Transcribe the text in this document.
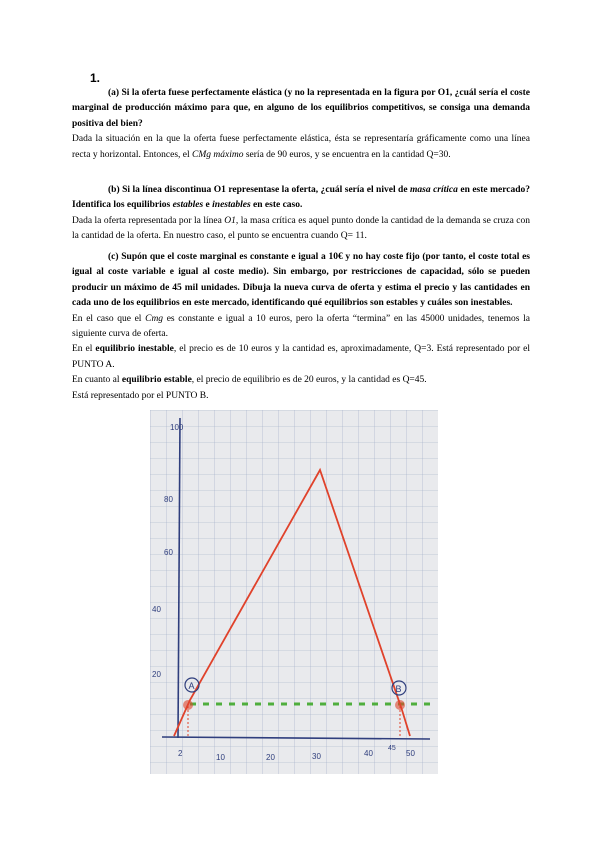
1.

(a) Si la oferta fuese perfectamente elástica (y no la representada en la figura por O1, ¿cuál sería el coste marginal de producción máximo para que, en alguno de los equilibrios competitivos, se consiga una demanda positiva del bien?

Dada la situación en la que la oferta fuese perfectamente elástica, ésta se representaría gráficamente como una línea recta y horizontal. Entonces, el CMg máximo sería de 90 euros, y se encuentra en la cantidad Q=30.

(b) Si la línea discontinua O1 representase la oferta, ¿cuál sería el nivel de masa crítica en este mercado? Identifica los equilibrios estables e inestables en este caso.

Dada la oferta representada por la línea O1, la masa crítica es aquel punto donde la cantidad de la demanda se cruza con la cantidad de la oferta. En nuestro caso, el punto se encuentra cuando Q= 11.

(c) Supón que el coste marginal es constante e igual a 10€ y no hay coste fijo (por tanto, el coste total es igual al coste variable e igual al coste medio). Sin embargo, por restricciones de capacidad, sólo se pueden producir un máximo de 45 mil unidades. Dibuja la nueva curva de oferta y estima el precio y las cantidades en cada uno de los equilibrios en este mercado, identificando qué equilibrios son estables y cuáles son inestables.

En el caso que el Cmg es constante e igual a 10 euros, pero la oferta “termina” en las 45000 unidades, tenemos la siguiente curva de oferta.

En el equilibrio inestable, el precio es de 10 euros y la cantidad es, aproximadamente, Q=3. Está representado por el PUNTO A.

En cuanto al equilibrio estable, el precio de equilibrio es de 20 euros, y la cantidad es Q=45.

Está representado por el PUNTO B.

100
80
60
40
20
2	10	20	30	40
45
50
A	B
